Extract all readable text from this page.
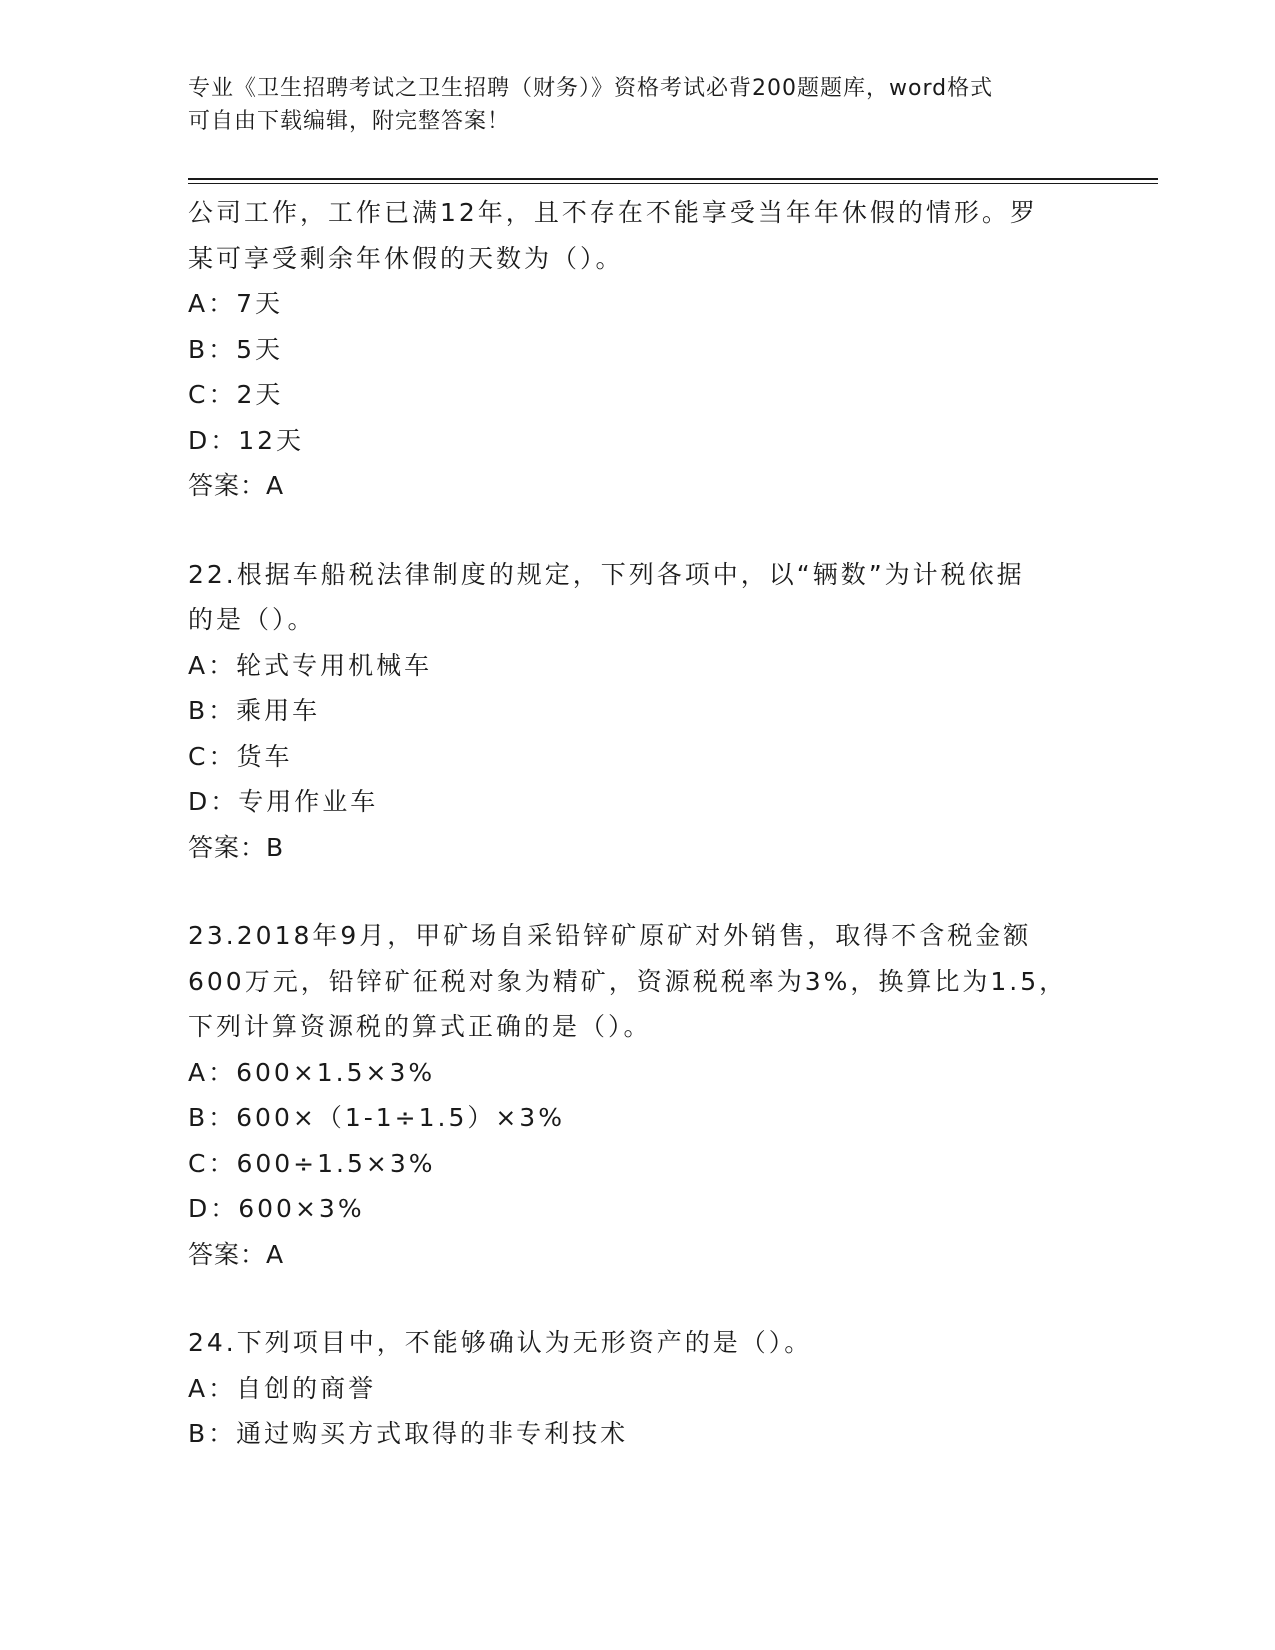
专业《卫生招聘考试之卫生招聘（财务）》资格考试必背200题题库，word格式
可自由下载编辑，附完整答案！
公司工作，工作已满12年，且不存在不能享受当年年休假的情形。罗
某可享受剩余年休假的天数为（）。
A：7天
B：5天
C：2天
D：12天
答案：A
22.根据车船税法律制度的规定，下列各项中，以“辆数”为计税依据
的是（）。
A：轮式专用机械车
B：乘用车
C：货车
D：专用作业车
答案：B
23.2018年9月，甲矿场自采铅锌矿原矿对外销售，取得不含税金额
600万元，铅锌矿征税对象为精矿，资源税税率为3%，换算比为1.5，
下列计算资源税的算式正确的是（）。
A：600×1.5×3%
B：600×（1-1÷1.5）×3%
C：600÷1.5×3%
D：600×3%
答案：A
24.下列项目中，不能够确认为无形资产的是（）。
A：自创的商誉
B：通过购买方式取得的非专利技术
